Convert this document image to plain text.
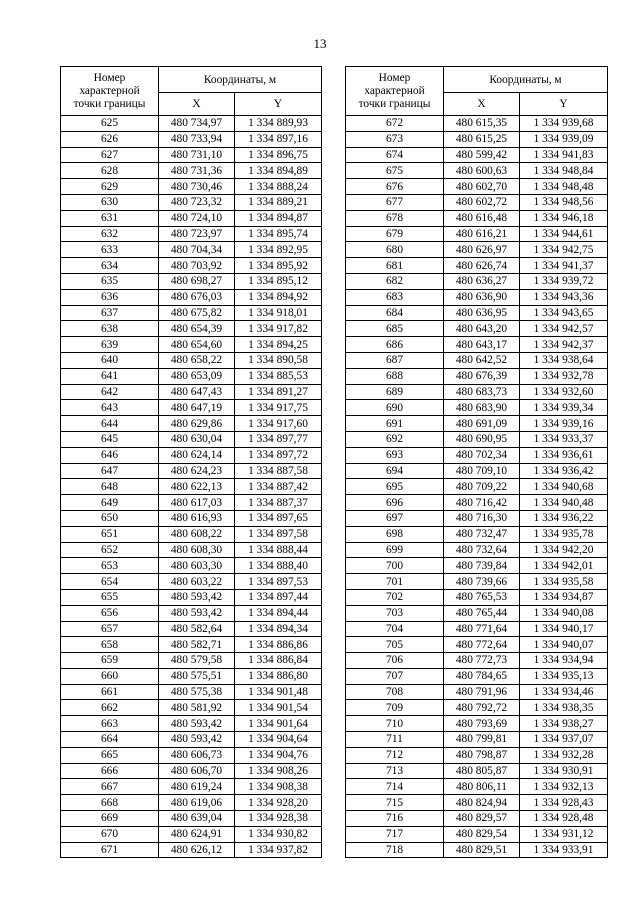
13
Номер
характерной
точки границы	Координаты, м	
	X	Y
625	480 734,97	1 334 889,93
626	480 733,94	1 334 897,16
627	480 731,10	1 334 896,75
628	480 731,36	1 334 894,89
629	480 730,46	1 334 888,24
630	480 723,32	1 334 889,21
631	480 724,10	1 334 894,87
632	480 723,97	1 334 895,74
633	480 704,34	1 334 892,95
634	480 703,92	1 334 895,92
635	480 698,27	1 334 895,12
636	480 676,03	1 334 894,92
637	480 675,82	1 334 918,01
638	480 654,39	1 334 917,82
639	480 654,60	1 334 894,25
640	480 658,22	1 334 890,58
641	480 653,09	1 334 885,53
642	480 647,43	1 334 891,27
643	480 647,19	1 334 917,75
644	480 629,86	1 334 917,60
645	480 630,04	1 334 897,77
646	480 624,14	1 334 897,72
647	480 624,23	1 334 887,58
648	480 622,13	1 334 887,42
649	480 617,03	1 334 887,37
650	480 616,93	1 334 897,65
651	480 608,22	1 334 897,58
652	480 608,30	1 334 888,44
653	480 603,30	1 334 888,40
654	480 603,22	1 334 897,53
655	480 593,42	1 334 897,44
656	480 593,42	1 334 894,44
657	480 582,64	1 334 894,34
658	480 582,71	1 334 886,86
659	480 579,58	1 334 886,84
660	480 575,51	1 334 886,80
661	480 575,38	1 334 901,48
662	480 581,92	1 334 901,54
663	480 593,42	1 334 901,64
664	480 593,42	1 334 904,64
665	480 606,73	1 334 904,76
666	480 606,70	1 334 908,26
667	480 619,24	1 334 908,38
668	480 619,06	1 334 928,20
669	480 639,04	1 334 928,38
670	480 624,91	1 334 930,82
671	480 626,12	1 334 937,82
Номер
характерной
точки границы	Координаты, м	
	X	Y
672	480 615,35	1 334 939,68
673	480 615,25	1 334 939,09
674	480 599,42	1 334 941,83
675	480 600,63	1 334 948,84
676	480 602,70	1 334 948,48
677	480 602,72	1 334 948,56
678	480 616,48	1 334 946,18
679	480 616,21	1 334 944,61
680	480 626,97	1 334 942,75
681	480 626,74	1 334 941,37
682	480 636,27	1 334 939,72
683	480 636,90	1 334 943,36
684	480 636,95	1 334 943,65
685	480 643,20	1 334 942,57
686	480 643,17	1 334 942,37
687	480 642,52	1 334 938,64
688	480 676,39	1 334 932,78
689	480 683,73	1 334 932,60
690	480 683,90	1 334 939,34
691	480 691,09	1 334 939,16
692	480 690,95	1 334 933,37
693	480 702,34	1 334 936,61
694	480 709,10	1 334 936,42
695	480 709,22	1 334 940,68
696	480 716,42	1 334 940,48
697	480 716,30	1 334 936,22
698	480 732,47	1 334 935,78
699	480 732,64	1 334 942,20
700	480 739,84	1 334 942,01
701	480 739,66	1 334 935,58
702	480 765,53	1 334 934,87
703	480 765,44	1 334 940,08
704	480 771,64	1 334 940,17
705	480 772,64	1 334 940,07
706	480 772,73	1 334 934,94
707	480 784,65	1 334 935,13
708	480 791,96	1 334 934,46
709	480 792,72	1 334 938,35
710	480 793,69	1 334 938,27
711	480 799,81	1 334 937,07
712	480 798,87	1 334 932,28
713	480 805,87	1 334 930,91
714	480 806,11	1 334 932,13
715	480 824,94	1 334 928,43
716	480 829,57	1 334 928,48
717	480 829,54	1 334 931,12
718	480 829,51	1 334 933,91
